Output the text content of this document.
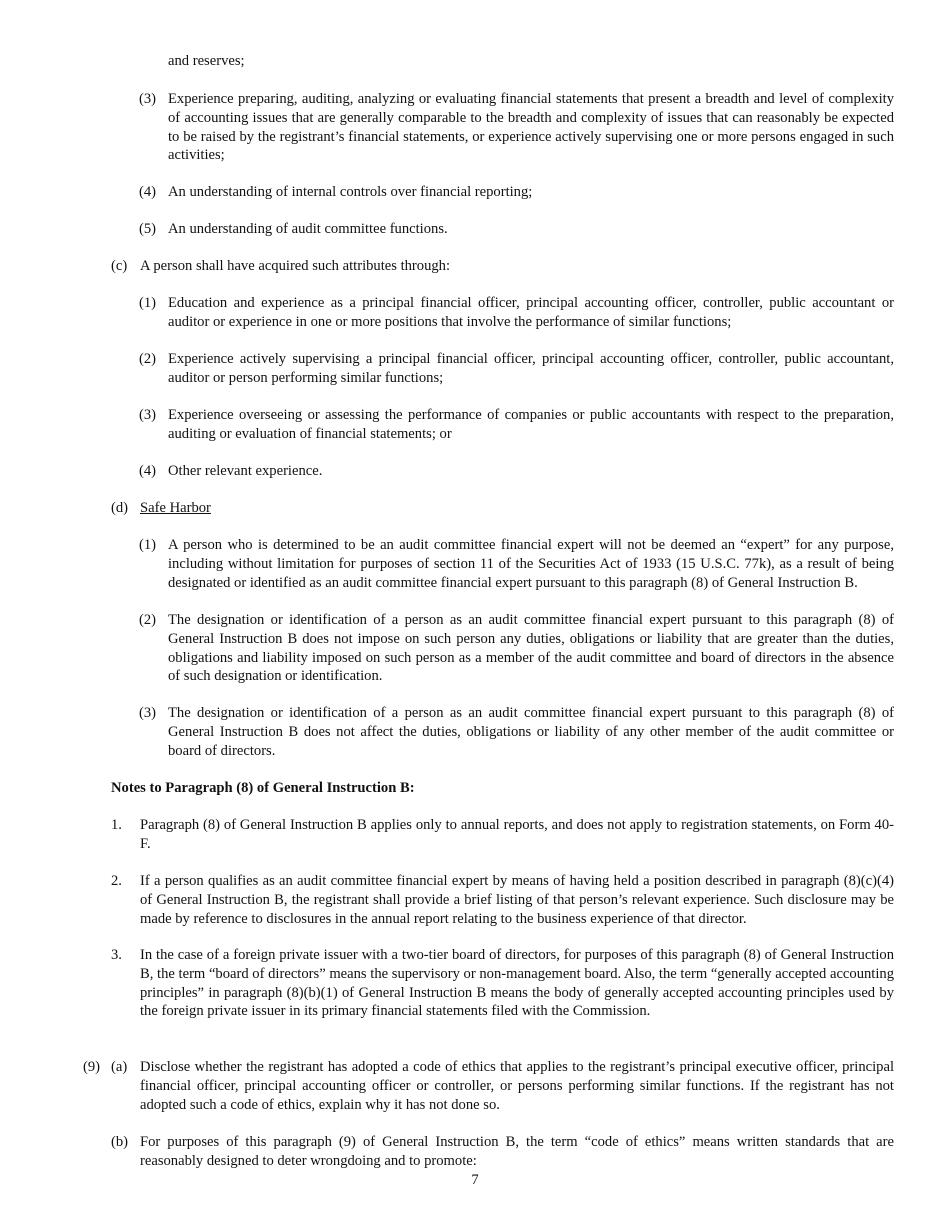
and reserves;
(3) Experience preparing, auditing, analyzing or evaluating financial statements that present a breadth and level of complexity of accounting issues that are generally comparable to the breadth and complexity of issues that can reasonably be expected to be raised by the registrant’s financial statements, or experience actively supervising one or more persons engaged in such activities;
(4) An understanding of internal controls over financial reporting;
(5) An understanding of audit committee functions.
(c) A person shall have acquired such attributes through:
(1) Education and experience as a principal financial officer, principal accounting officer, controller, public accountant or auditor or experience in one or more positions that involve the performance of similar functions;
(2) Experience actively supervising a principal financial officer, principal accounting officer, controller, public accountant, auditor or person performing similar functions;
(3) Experience overseeing or assessing the performance of companies or public accountants with respect to the preparation, auditing or evaluation of financial statements; or
(4) Other relevant experience.
(d) Safe Harbor
(1) A person who is determined to be an audit committee financial expert will not be deemed an “expert” for any purpose, including without limitation for purposes of section 11 of the Securities Act of 1933 (15 U.S.C. 77k), as a result of being designated or identified as an audit committee financial expert pursuant to this paragraph (8) of General Instruction B.
(2) The designation or identification of a person as an audit committee financial expert pursuant to this paragraph (8) of General Instruction B does not impose on such person any duties, obligations or liability that are greater than the duties, obligations and liability imposed on such person as a member of the audit committee and board of directors in the absence of such designation or identification.
(3) The designation or identification of a person as an audit committee financial expert pursuant to this paragraph (8) of General Instruction B does not affect the duties, obligations or liability of any other member of the audit committee or board of directors.
Notes to Paragraph (8) of General Instruction B:
1. Paragraph (8) of General Instruction B applies only to annual reports, and does not apply to registration statements, on Form 40-F.
2. If a person qualifies as an audit committee financial expert by means of having held a position described in paragraph (8)(c)(4) of General Instruction B, the registrant shall provide a brief listing of that person’s relevant experience. Such disclosure may be made by reference to disclosures in the annual report relating to the business experience of that director.
3. In the case of a foreign private issuer with a two-tier board of directors, for purposes of this paragraph (8) of General Instruction B, the term “board of directors” means the supervisory or non-management board. Also, the term “generally accepted accounting principles” in paragraph (8)(b)(1) of General Instruction B means the body of generally accepted accounting principles used by the foreign private issuer in its primary financial statements filed with the Commission.
(9) (a) Disclose whether the registrant has adopted a code of ethics that applies to the registrant’s principal executive officer, principal financial officer, principal accounting officer or controller, or persons performing similar functions. If the registrant has not adopted such a code of ethics, explain why it has not done so.
(b) For purposes of this paragraph (9) of General Instruction B, the term “code of ethics” means written standards that are reasonably designed to deter wrongdoing and to promote:
7
